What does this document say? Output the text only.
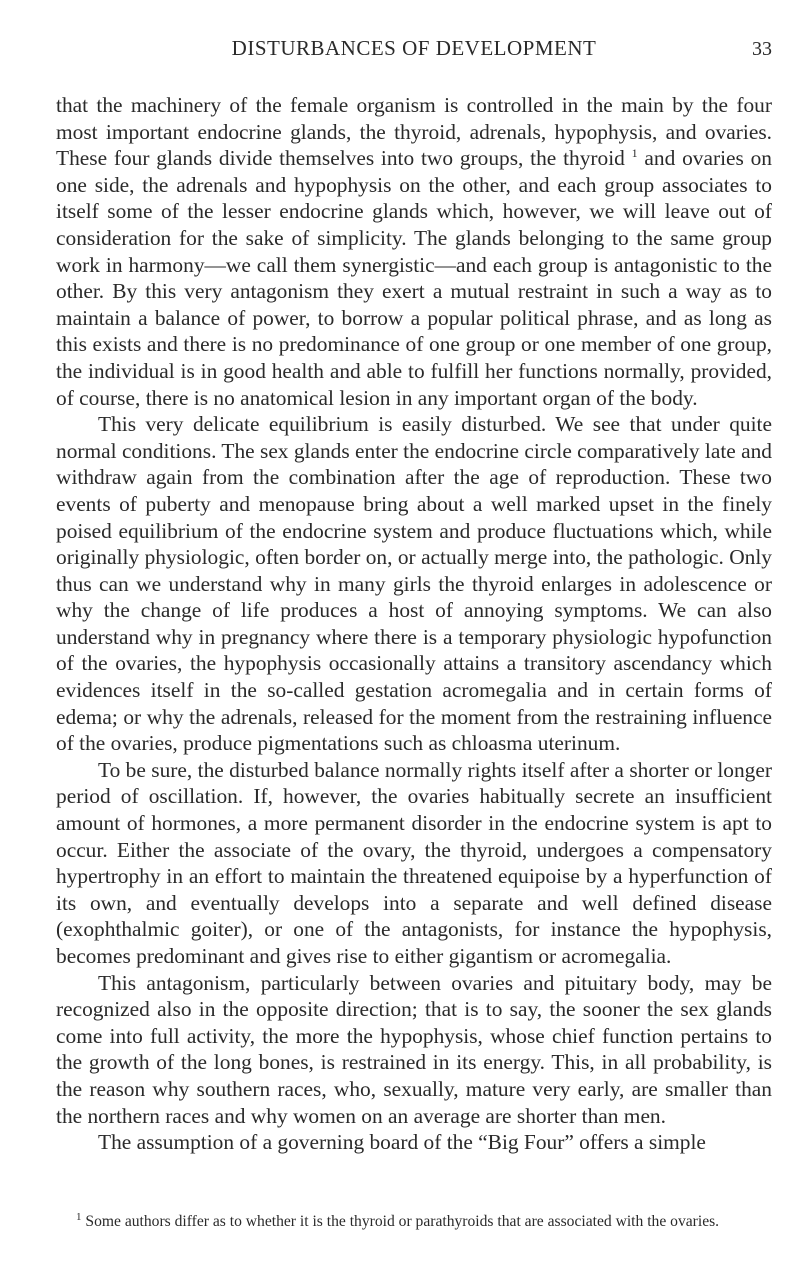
DISTURBANCES OF DEVELOPMENT	33

that the machinery of the female organism is controlled in the main by the four most important endocrine glands, the thyroid, adrenals, hypophysis, and ovaries. These four glands divide themselves into two groups, the thyroid $^1$ and ovaries on one side, the adrenals and hypophysis on the other, and each group associates to itself some of the lesser endocrine glands which, however, we will leave out of consideration for the sake of simplicity. The glands belonging to the same group work in harmony—we call them synergistic—and each group is antagonistic to the other. By this very antagonism they exert a mutual restraint in such a way as to maintain a balance of power, to borrow a popular political phrase, and as long as this exists and there is no predominance of one group or one member of one group, the individual is in good health and able to fulfill her functions normally, provided, of course, there is no anatomical lesion in any important organ of the body.

This very delicate equilibrium is easily disturbed. We see that under quite normal conditions. The sex glands enter the endocrine circle comparatively late and withdraw again from the combination after the age of reproduction. These two events of puberty and menopause bring about a well marked upset in the finely poised equilibrium of the endocrine system and produce fluctuations which, while originally physiologic, often border on, or actually merge into, the pathologic. Only thus can we understand why in many girls the thyroid enlarges in adolescence or why the change of life produces a host of annoying symptoms. We can also understand why in pregnancy where there is a temporary physiologic hypofunction of the ovaries, the hypophysis occasionally attains a transitory ascendancy which evidences itself in the so-called gestation acromegalia and in certain forms of edema; or why the adrenals, released for the moment from the restraining influence of the ovaries, produce pigmentations such as chloasma uterinum.

To be sure, the disturbed balance normally rights itself after a shorter or longer period of oscillation. If, however, the ovaries habitually secrete an insufficient amount of hormones, a more permanent disorder in the endocrine system is apt to occur. Either the associate of the ovary, the thyroid, undergoes a compensatory hypertrophy in an effort to maintain the threatened equipoise by a hyperfunction of its own, and eventually develops into a separate and well defined disease (exophthalmic goiter), or one of the antagonists, for instance the hypophysis, becomes predominant and gives rise to either gigantism or acromegalia.

This antagonism, particularly between ovaries and pituitary body, may be recognized also in the opposite direction; that is to say, the sooner the sex glands come into full activity, the more the hypophysis, whose chief function pertains to the growth of the long bones, is restrained in its energy. This, in all probability, is the reason why southern races, who, sexually, mature very early, are smaller than the northern races and why women on an average are shorter than men.

The assumption of a governing board of the “Big Four” offers a simple

$^1$ Some authors differ as to whether it is the thyroid or parathyroids that are associated with the ovaries.
